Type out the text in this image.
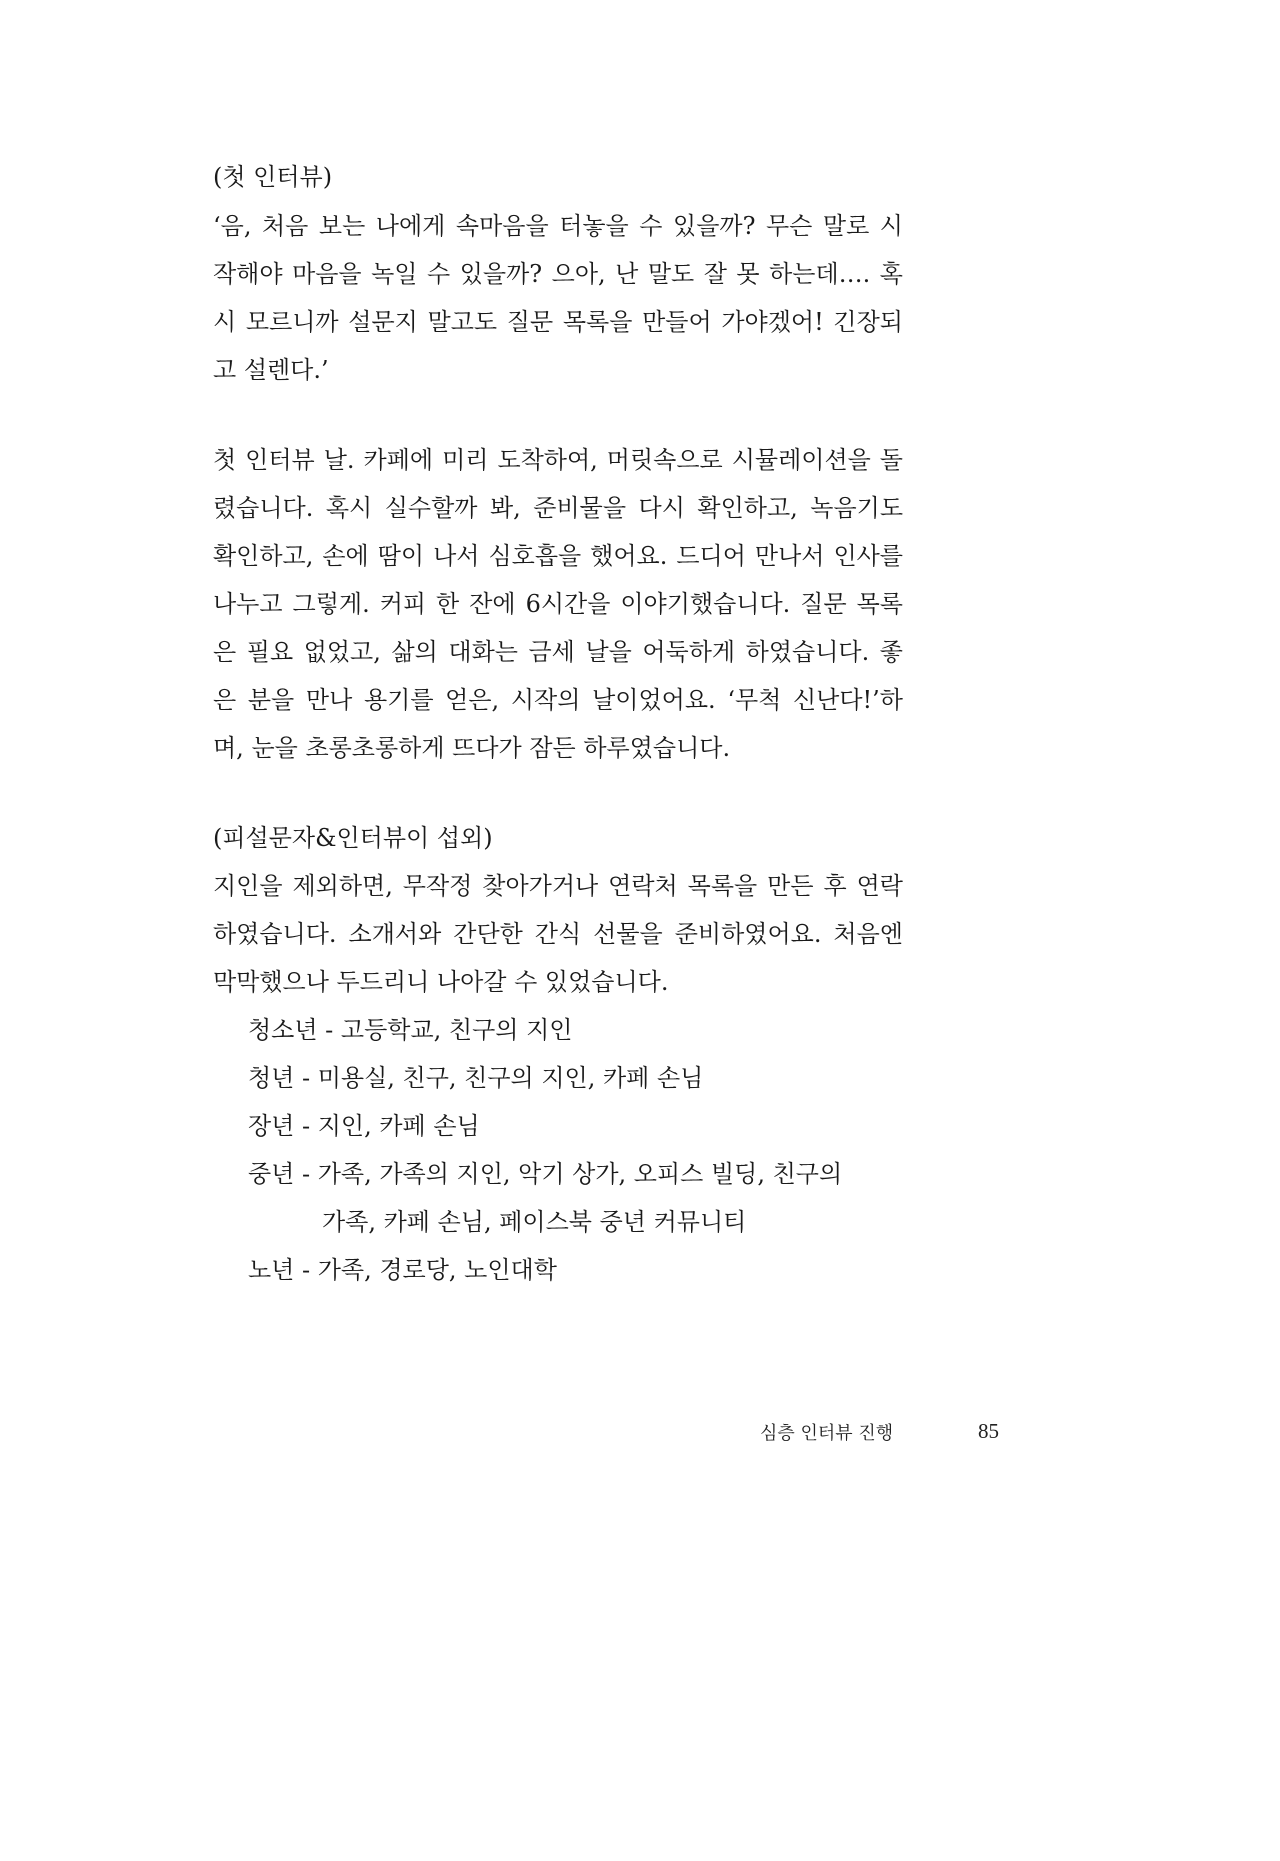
(첫 인터뷰)
‘음, 처음 보는 나에게 속마음을 터놓을 수 있을까? 무슨 말로 시
작해야 마음을 녹일 수 있을까? 으아, 난 말도 잘 못 하는데…. 혹
시 모르니까 설문지 말고도 질문 목록을 만들어 가야겠어! 긴장되
고 설렌다.’
첫 인터뷰 날. 카페에 미리 도착하여, 머릿속으로 시뮬레이션을 돌
렸습니다. 혹시 실수할까 봐, 준비물을 다시 확인하고, 녹음기도
확인하고, 손에 땀이 나서 심호흡을 했어요. 드디어 만나서 인사를
나누고 그렇게. 커피 한 잔에 6시간을 이야기했습니다. 질문 목록
은 필요 없었고, 삶의 대화는 금세 날을 어둑하게 하였습니다. 좋
은 분을 만나 용기를 얻은, 시작의 날이었어요. ‘무척 신난다!’하
며, 눈을 초롱초롱하게 뜨다가 잠든 하루였습니다.
(피설문자&인터뷰이 섭외)
지인을 제외하면, 무작정 찾아가거나 연락처 목록을 만든 후 연락
하였습니다. 소개서와 간단한 간식 선물을 준비하였어요. 처음엔
막막했으나 두드리니 나아갈 수 있었습니다.
청소년 - 고등학교, 친구의 지인
청년 - 미용실, 친구, 친구의 지인, 카페 손님
장년 - 지인, 카페 손님
중년 - 가족, 가족의 지인, 악기 상가, 오피스 빌딩, 친구의
가족, 카페 손님, 페이스북 중년 커뮤니티
노년 - 가족, 경로당, 노인대학
심층 인터뷰 진행	85
